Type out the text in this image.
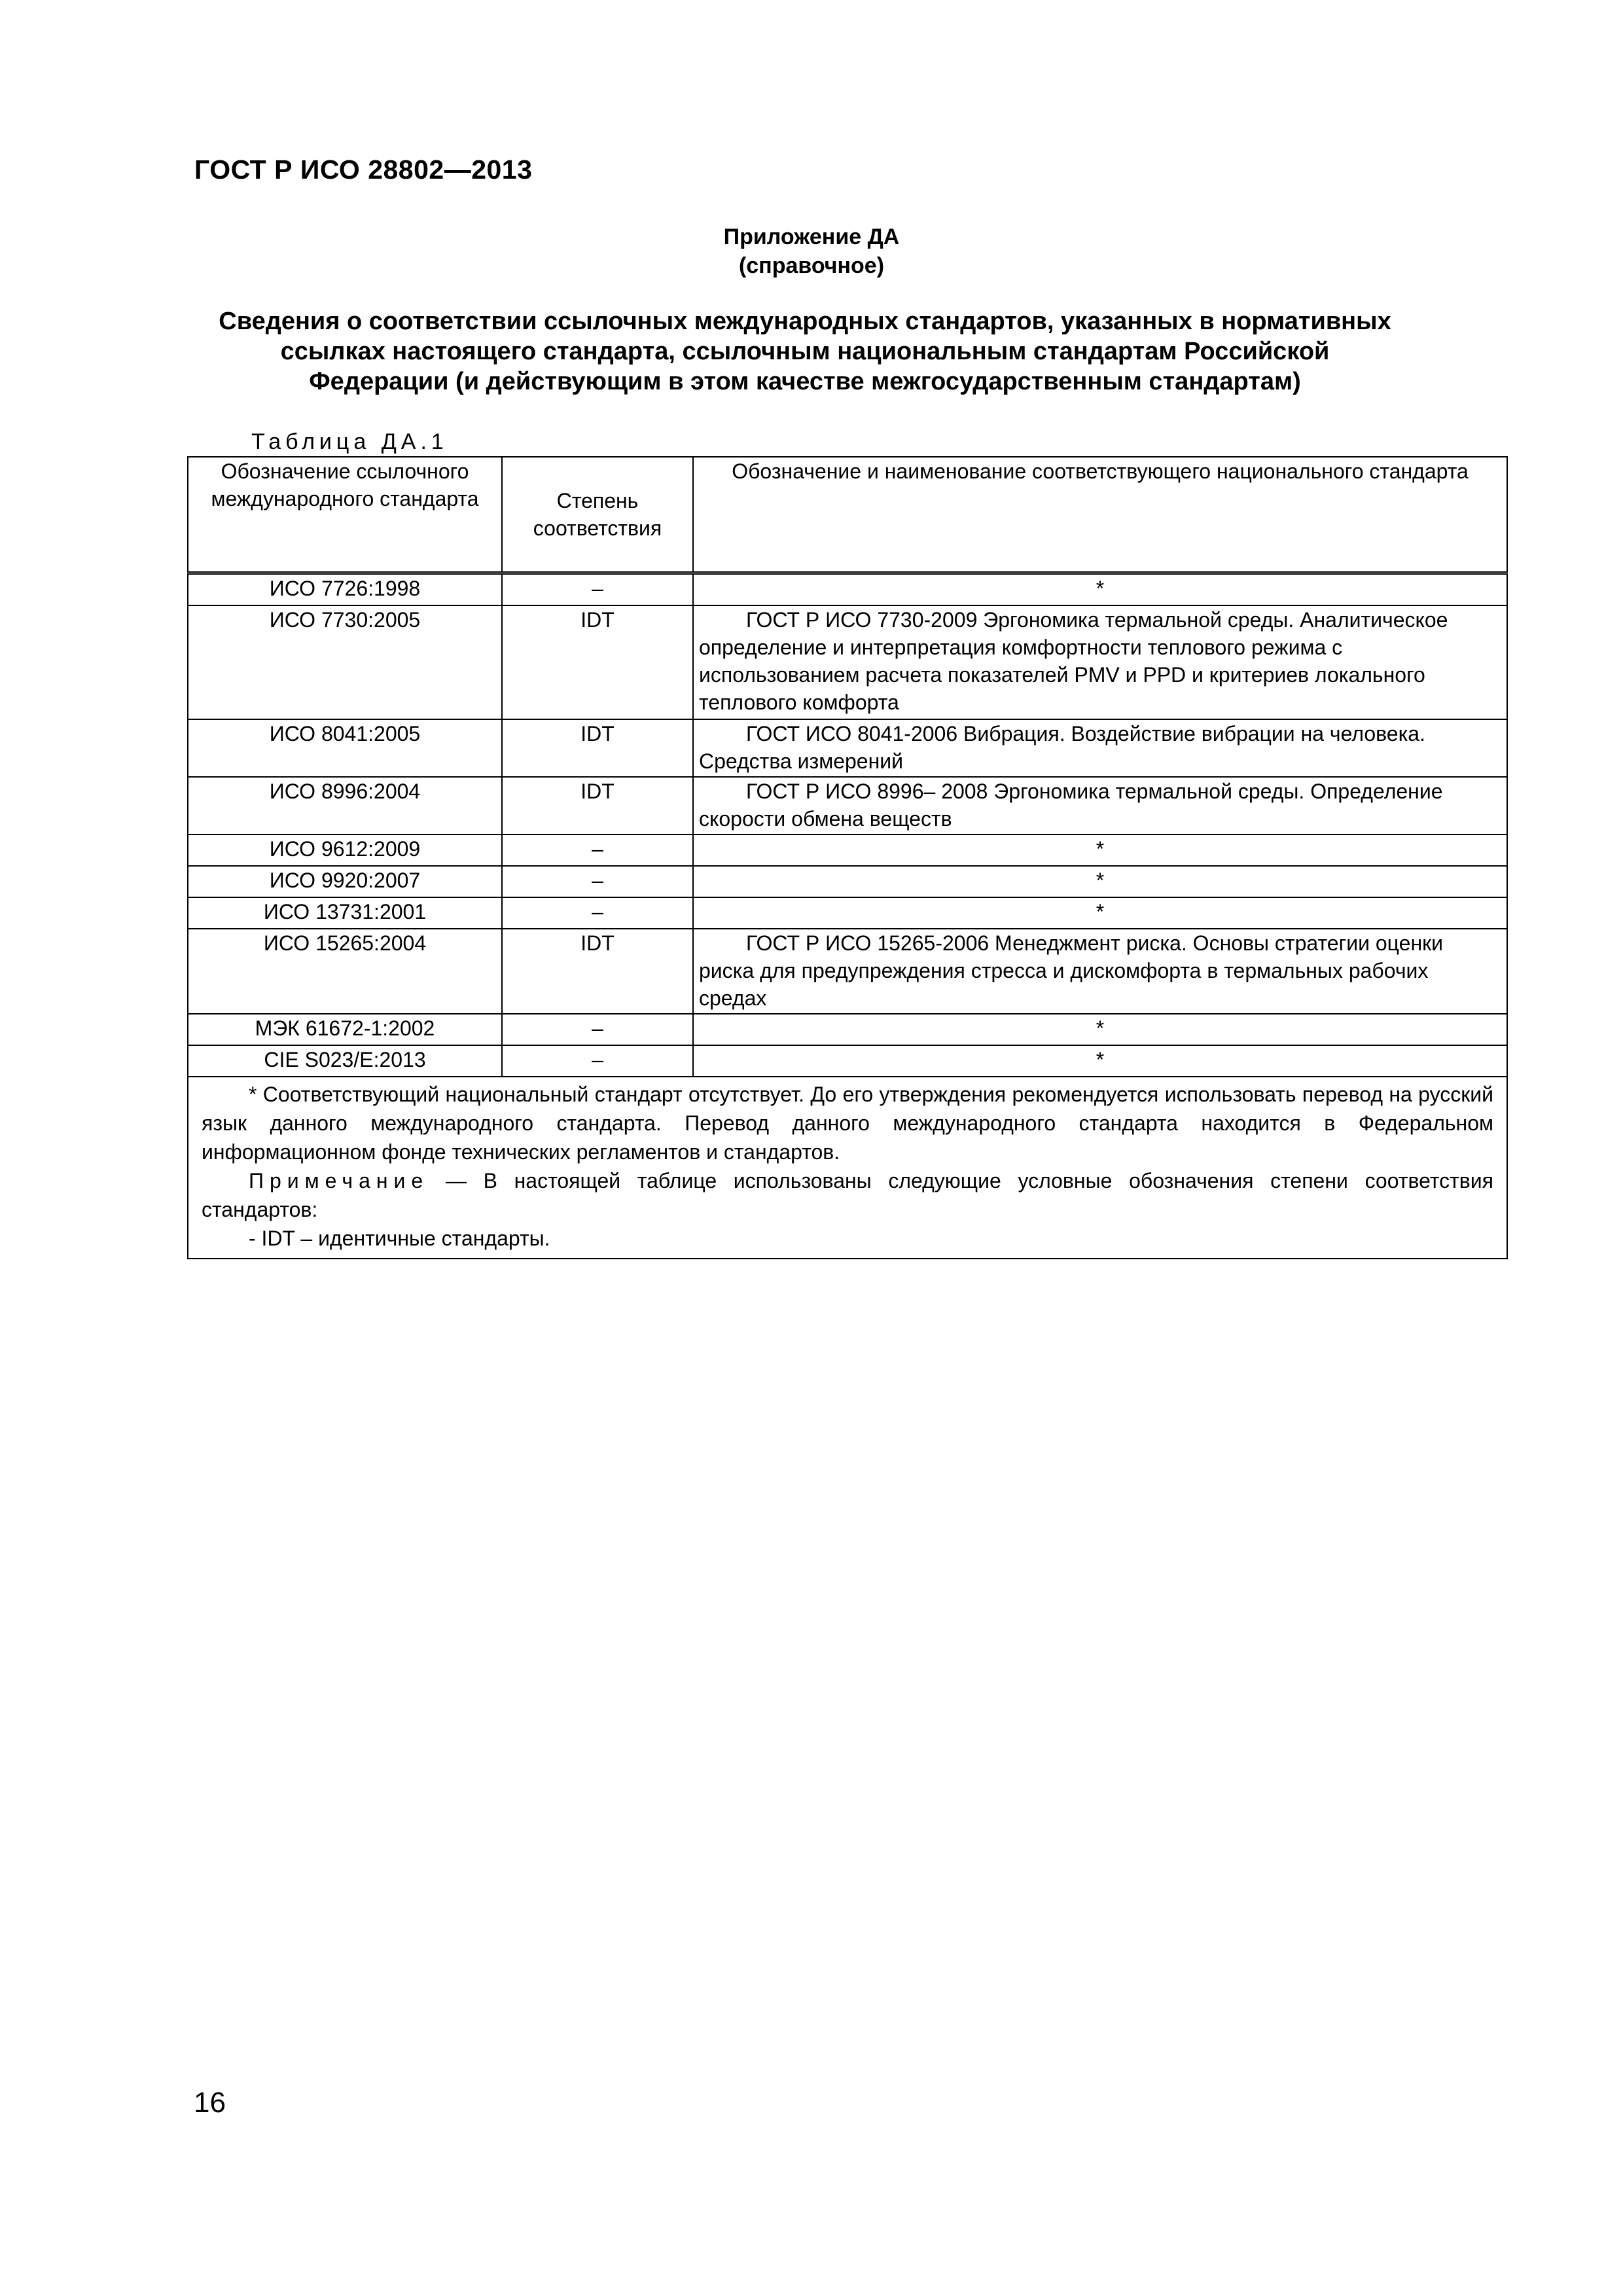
ГОСТ Р ИСО 28802—2013
Приложение ДА
(справочное)
Сведения о соответствии ссылочных международных стандартов, указанных в нормативных
ссылках настоящего стандарта, ссылочным национальным стандартам Российской
Федерации (и действующим в этом качестве межгосударственным стандартам)
Таблица ДА.1
Обозначение ссылочного международного стандарта	Степень соответствия	Обозначение и наименование соответствующего национального стандарта
ИСО 7726:1998	–	*
ИСО 7730:2005	IDT	ГОСТ Р ИСО 7730-2009 Эргономика термальной среды. Аналитическое определение и интерпретация комфортности теплового режима с использованием расчета показателей PMV и PPD и критериев локального теплового комфорта
ИСО 8041:2005	IDT	ГОСТ ИСО 8041-2006 Вибрация. Воздействие вибрации на человека. Средства измерений
ИСО 8996:2004	IDT	ГОСТ Р ИСО 8996– 2008 Эргономика термальной среды. Определение скорости обмена веществ
ИСО 9612:2009	–	*
ИСО 9920:2007	–	*
ИСО 13731:2001	–	*
ИСО 15265:2004	IDT	ГОСТ Р ИСО 15265-2006 Менеджмент риска. Основы стратегии оценки риска для предупреждения стресса и дискомфорта в термальных рабочих средах
МЭК 61672-1:2002	–	*
CIE S023/E:2013	–	*

* Соответствующий национальный стандарт отсутствует. До его утверждения рекомендуется использовать перевод на русский язык данного международного стандарта. Перевод данного международного стандарта находится в Федеральном информационном фонде технических регламентов и стандартов.

Примечание — В настоящей таблице использованы следующие условные обозначения степени соответствия стандартов:

- IDT – идентичные стандарты.		

16
